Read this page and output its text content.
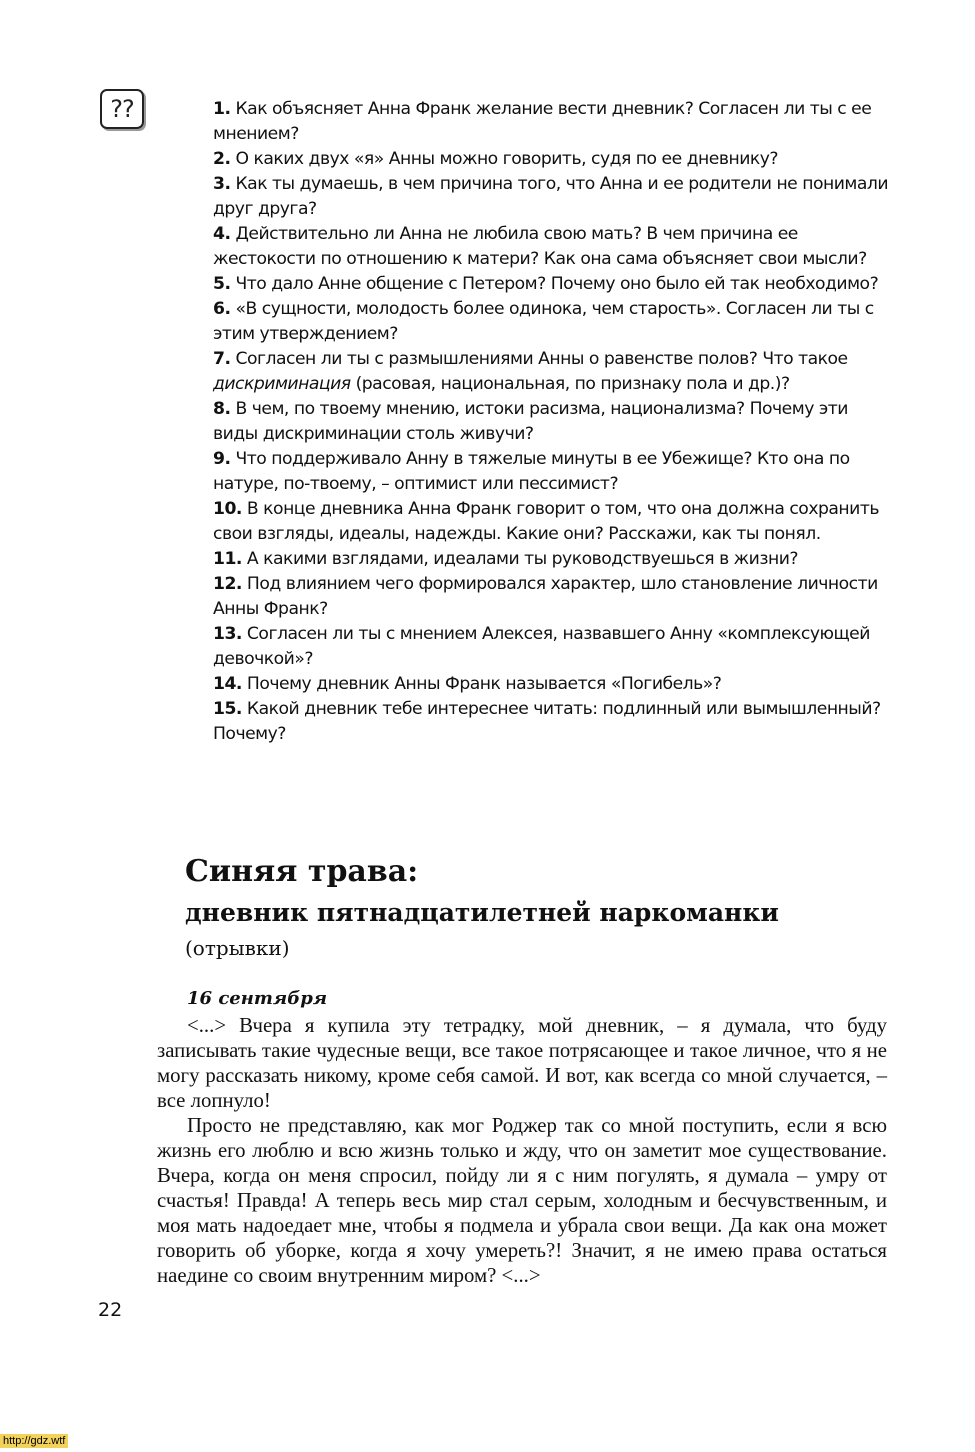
??	1. Как объясняет Анна Франк желание вести дневник? Согласен ли ты с ее мнением?

2. О каких двух «я» Анны можно говорить, судя по ее дневнику?

3. Как ты думаешь, в чем причина того, что Анна и ее родители не понимали друг друга?

4. Действительно ли Анна не любила свою мать? В чем причина ее жестокости по отношению к матери? Как она сама объясняет свои мысли?

5. Что дало Анне общение с Петером? Почему оно было ей так необходимо?

6. «В сущности, молодость более одинока, чем старость». Согласен ли ты с этим утверждением?

7. Согласен ли ты с размышлениями Анны о равенстве полов? Что такое дискриминация (расовая, национальная, по признаку пола и др.)?

8. В чем, по твоему мнению, истоки расизма, национализма? Почему эти виды дискриминации столь живучи?

9. Что поддерживало Анну в тяжелые минуты в ее Убежище? Кто она по натуре, по-твоему, – оптимист или пессимист?

10. В конце дневника Анна Франк говорит о том, что она должна сохранить свои взгляды, идеалы, надежды. Какие они? Расскажи, как ты понял.

11. А какими взглядами, идеалами ты руководствуешься в жизни?

12. Под влиянием чего формировался характер, шло становление личности Анны Франк?

13. Согласен ли ты с мнением Алексея, назвавшего Анну «комплексующей девочкой»?

14. Почему дневник Анны Франк называется «Погибель»?

15. Какой дневник тебе интереснее читать: подлинный или вымышленный? Почему?

Синяя трава:
дневник пятнадцатилетней наркоманки

(отрывки)

16 сентября

<...> Вчера я купила эту тетрадку, мой дневник, – я думала, что буду записывать такие чудесные вещи, все такое потрясающее и такое личное, что я не могу рассказать никому, кроме себя самой. И вот, как всегда со мной случается, – все лопнуло!

Просто не представляю, как мог Роджер так со мной поступить, если я всю жизнь его люблю и всю жизнь только и жду, что он заметит мое существование. Вчера, когда он меня спросил, пойду ли я с ним погулять, я думала – умру от счастья! Правда! А теперь весь мир стал серым, холодным и бесчувственным, и моя мать надоедает мне, чтобы я подмела и убрала свои вещи. Да как она может говорить об уборке, когда я хочу умереть?! Значит, я не имею права остаться наедине со своим внутренним миром? <...>

22
http://gdz.wtf
